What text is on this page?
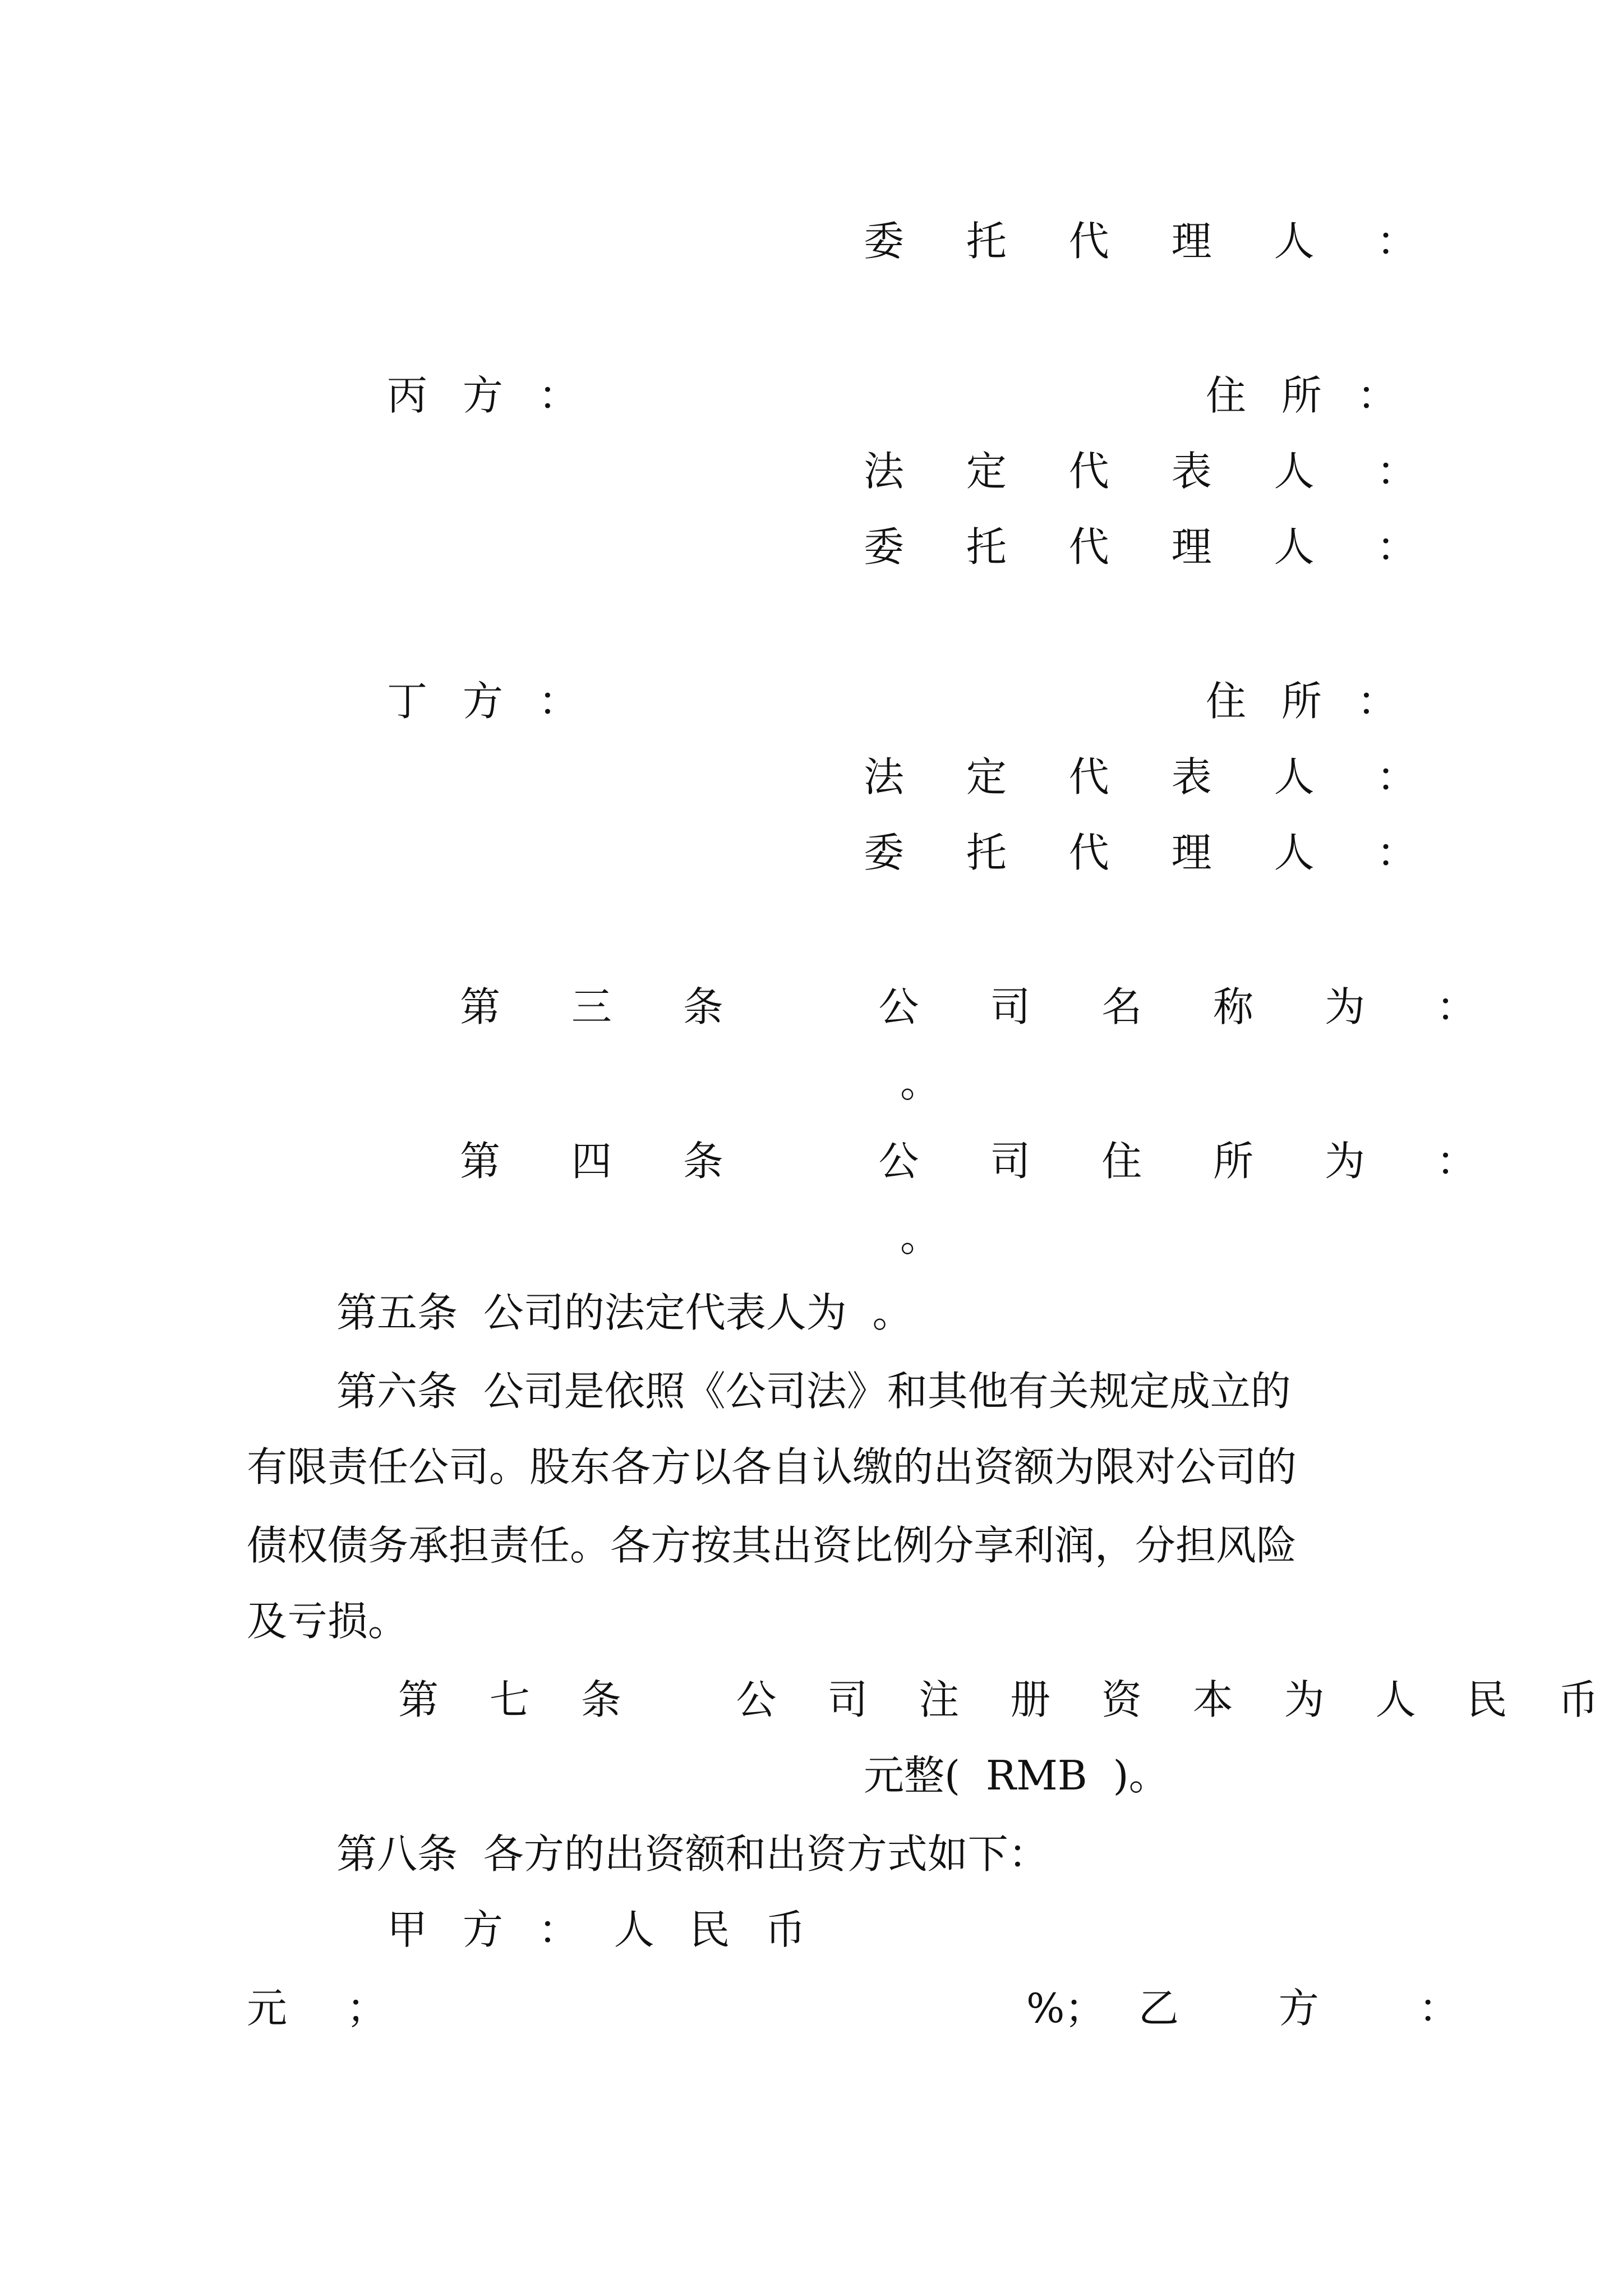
委 托 代 理 人 ：
丙 方 ：	住 所 ：
法 定 代 表 人 ：
委 托 代 理 人 ：
丁 方 ：	住 所 ：
法 定 代 表 人 ：
委 托 代 理 人 ：
第 三 条   公 司 名 称 为 ：
。
第 四 条   公 司 住 所 为 ：
。
第五条  公司的法定代表人为  。
第六条  公司是依照《公司法》和其他有关规定成立的
有限责任公司。股东各方以各自认缴的出资额为限对公司的
债权债务承担责任。各方按其出资比例分享利润，分担风险
及亏损。
第 七 条   公 司 注 册 资 本 为 人 民 币
元整(  RMB  )。
第八条  各方的出资额和出资方式如下：
甲 方 ： 人 民 币
元  ；	%； 乙  方  ：
